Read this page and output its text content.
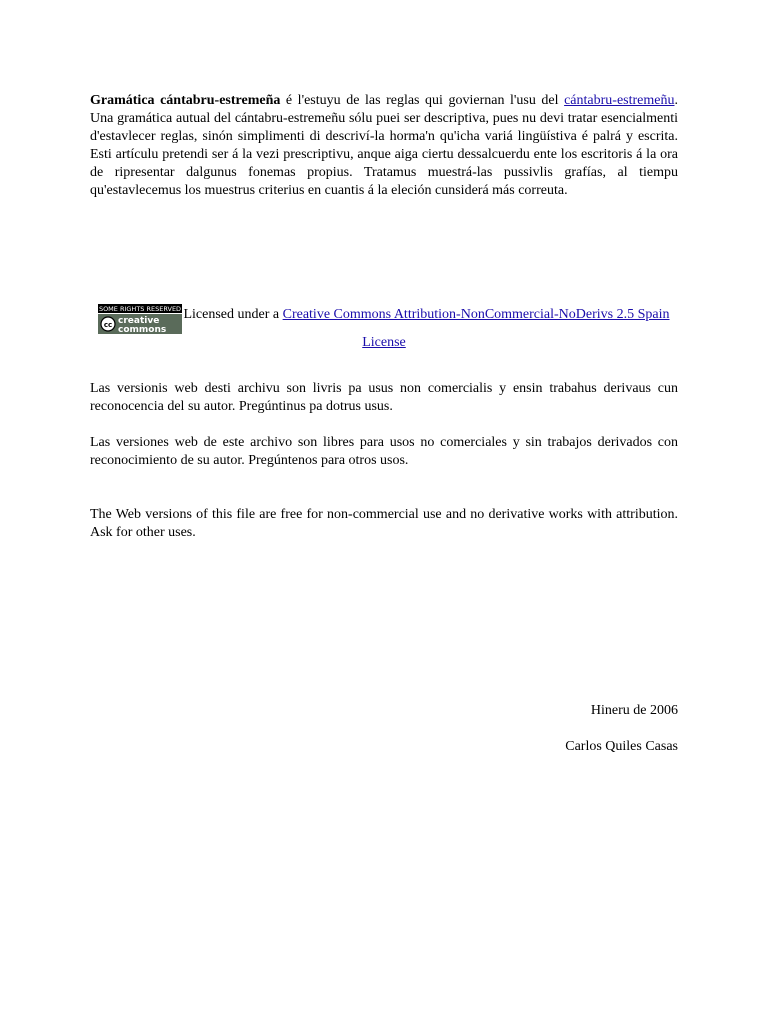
Gramática cántabru-estremeña é l'estuyu de las reglas qui goviernan l'usu del cántabru-estremeñu. Una gramática autual del cántabru-estremeñu sólu puei ser descriptiva, pues nu devi tratar esencialmenti d'estavlecer reglas, sinón simplimenti di descriví-la horma'n qu'icha variá lingüístiva é palrá y escrita. Esti artículu pretendi ser á la vezi prescriptivu, anque aiga ciertu dessalcuerdu ente los escritoris á la ora de ripresentar dalgunus fonemas propius. Tratamus muestrá-las pussivlis grafías, al tiempu qu'estavlecemus los muestrus criterius en cuantis á la eleción cunsiderá más correuta.

SOME RIGHTS RESERVED
cc creative
commons
Licensed under a Creative Commons Attribution-NonCommercial-NoDerivs 2.5 Spain License

Las versionis web desti archivu son livris pa usus non comercialis y ensin trabahus derivaus cun reconocencia del su autor. Pregúntinus pa dotrus usus.

Las versiones web de este archivo son libres para usos no comerciales y sin trabajos derivados con reconocimiento de su autor. Pregúntenos para otros usos.

The Web versions of this file are free for non-commercial use and no derivative works with attribution. Ask for other uses.

Hineru de 2006

Carlos Quiles Casas
